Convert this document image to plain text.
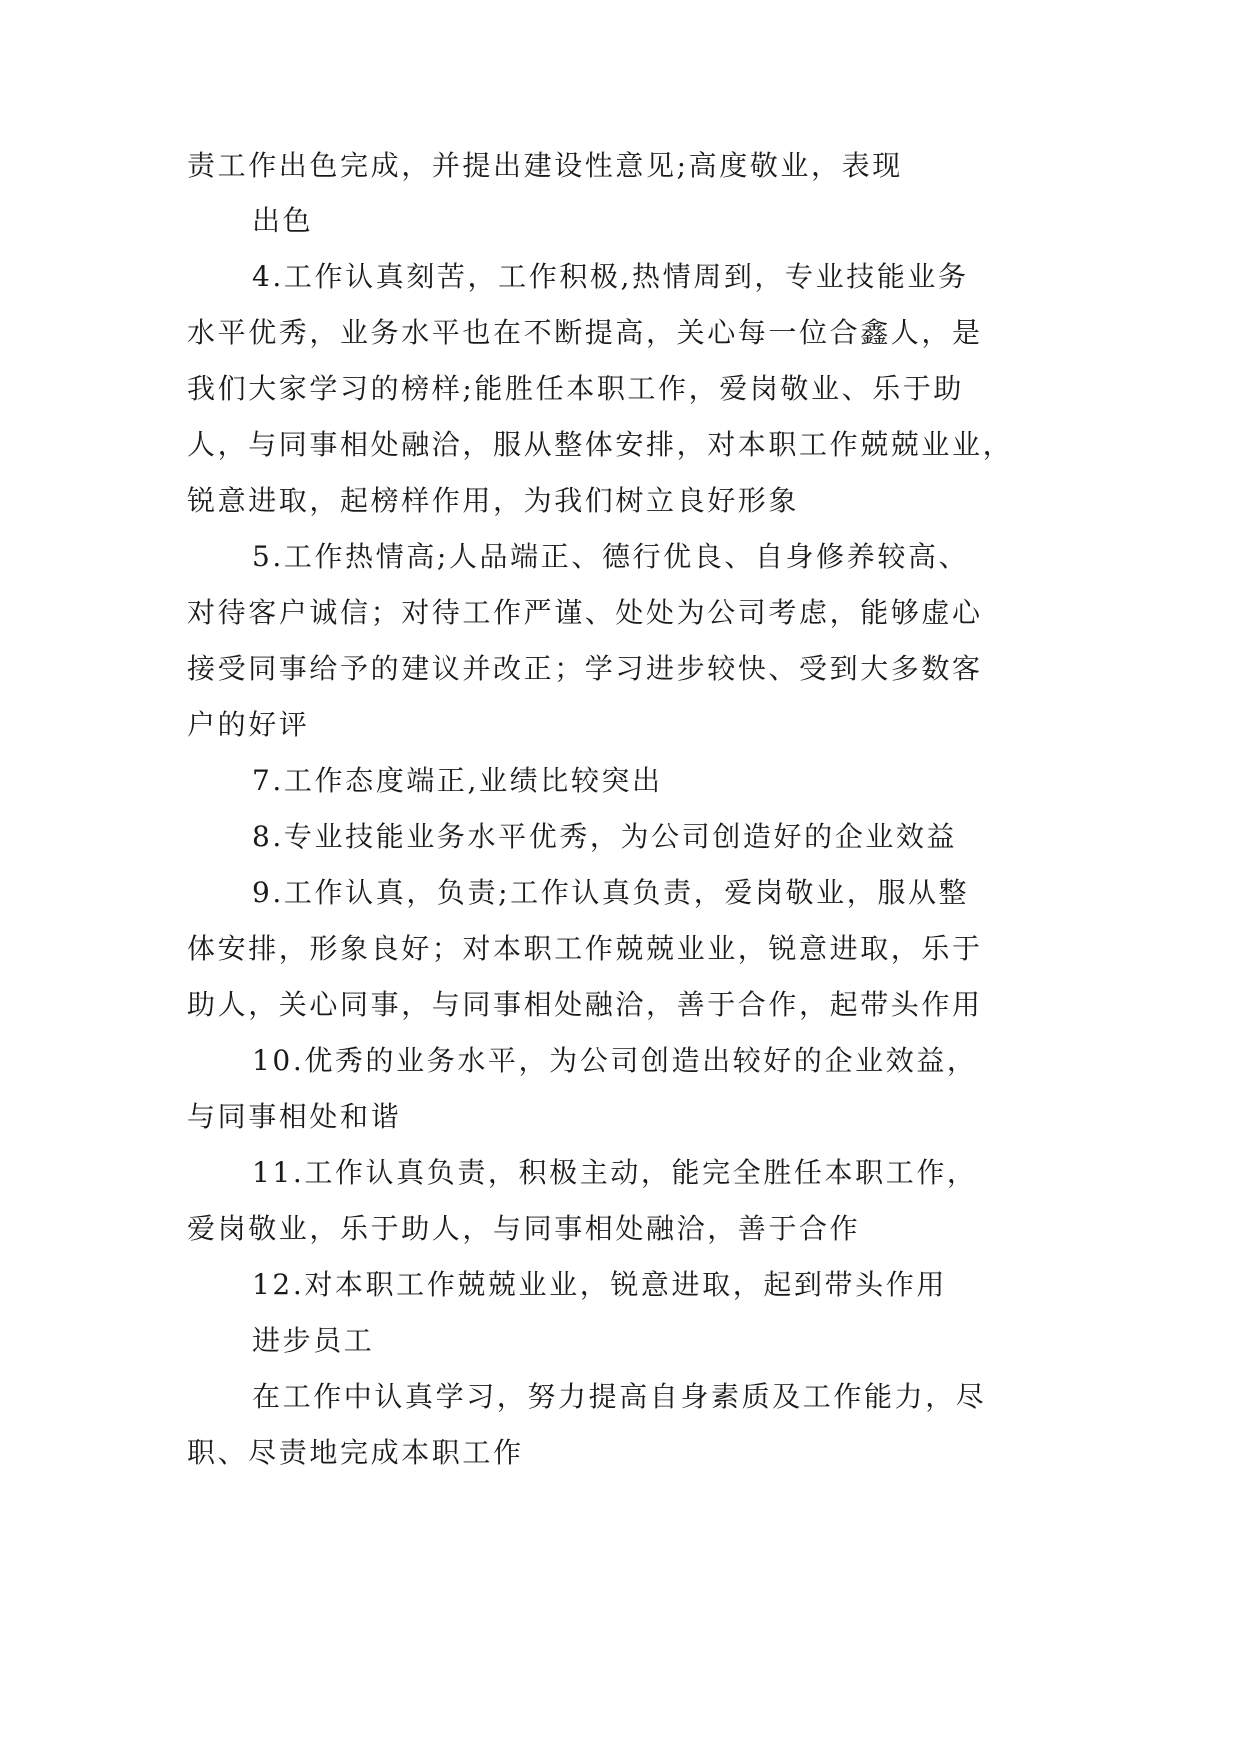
责工作出色完成，并提出建设性意见;高度敬业，表现
出色
4.工作认真刻苦，工作积极,热情周到，专业技能业务
水平优秀，业务水平也在不断提高，关心每一位合鑫人，是
我们大家学习的榜样;能胜任本职工作，爱岗敬业、乐于助
人，与同事相处融洽，服从整体安排，对本职工作兢兢业业，
锐意进取，起榜样作用，为我们树立良好形象
5.工作热情高;人品端正、德行优良、自身修养较高、
对待客户诚信；对待工作严谨、处处为公司考虑，能够虚心
接受同事给予的建议并改正；学习进步较快、受到大多数客
户的好评
7.工作态度端正,业绩比较突出
8.专业技能业务水平优秀，为公司创造好的企业效益
9.工作认真，负责;工作认真负责，爱岗敬业，服从整
体安排，形象良好；对本职工作兢兢业业，锐意进取，乐于
助人，关心同事，与同事相处融洽，善于合作，起带头作用
10.优秀的业务水平，为公司创造出较好的企业效益，
与同事相处和谐
11.工作认真负责，积极主动，能完全胜任本职工作，
爱岗敬业，乐于助人，与同事相处融洽，善于合作
12.对本职工作兢兢业业，锐意进取，起到带头作用
进步员工
在工作中认真学习，努力提高自身素质及工作能力，尽
职、尽责地完成本职工作
